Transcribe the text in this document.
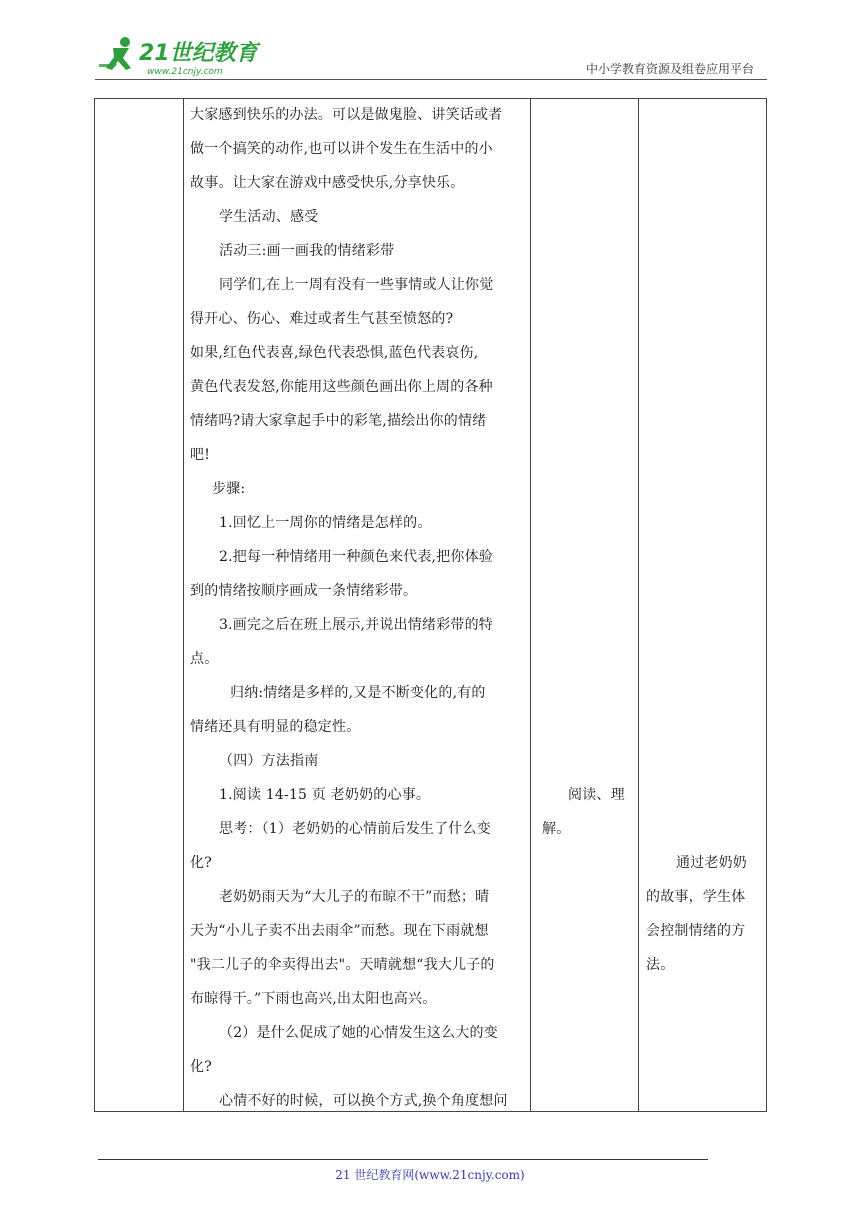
21世纪教育
www.21cnjy.com	中小学教育资源及组卷应用平台
大家感到快乐的办法。可以是做鬼脸、讲笑话或者
做一个搞笑的动作,也可以讲个发生在生活中的小
故事。让大家在游戏中感受快乐,分享快乐。
学生活动、感受
活动三:画一画我的情绪彩带
同学们,在上一周有没有一些事情或人让你觉
得开心、伤心、难过或者生气甚至愤怒的?
如果,红色代表喜,绿色代表恐惧,蓝色代表哀伤,
黄色代表发怒,你能用这些颜色画出你上周的各种
情绪吗?请大家拿起手中的彩笔,描绘出你的情绪
吧!
步骤:
1.回忆上一周你的情绪是怎样的。
2.把每一种情绪用一种颜色来代表,把你体验
到的情绪按顺序画成一条情绪彩带。
3.画完之后在班上展示,并说出情绪彩带的特
点。
归纳:情绪是多样的,又是不断变化的,有的
情绪还具有明显的稳定性。
（四）方法指南
1.阅读 14-15 页 老奶奶的心事。
思考：（1）老奶奶的心情前后发生了什么变
化?
老奶奶雨天为“大儿子的布晾不干”而愁；晴
天为“小儿子卖不出去雨伞”而愁。现在下雨就想
"我二儿子的伞卖得出去"。天晴就想“我大儿子的
布晾得干。”下雨也高兴,出太阳也高兴。
（2）是什么促成了她的心情发生这么大的变
化?
心情不好的时候，可以换个方式,换个角度想问
阅读、理
解。
通过老奶奶
的故事，学生体
会控制情绪的方
法。
21 世纪教育网(www.21cnjy.com)
